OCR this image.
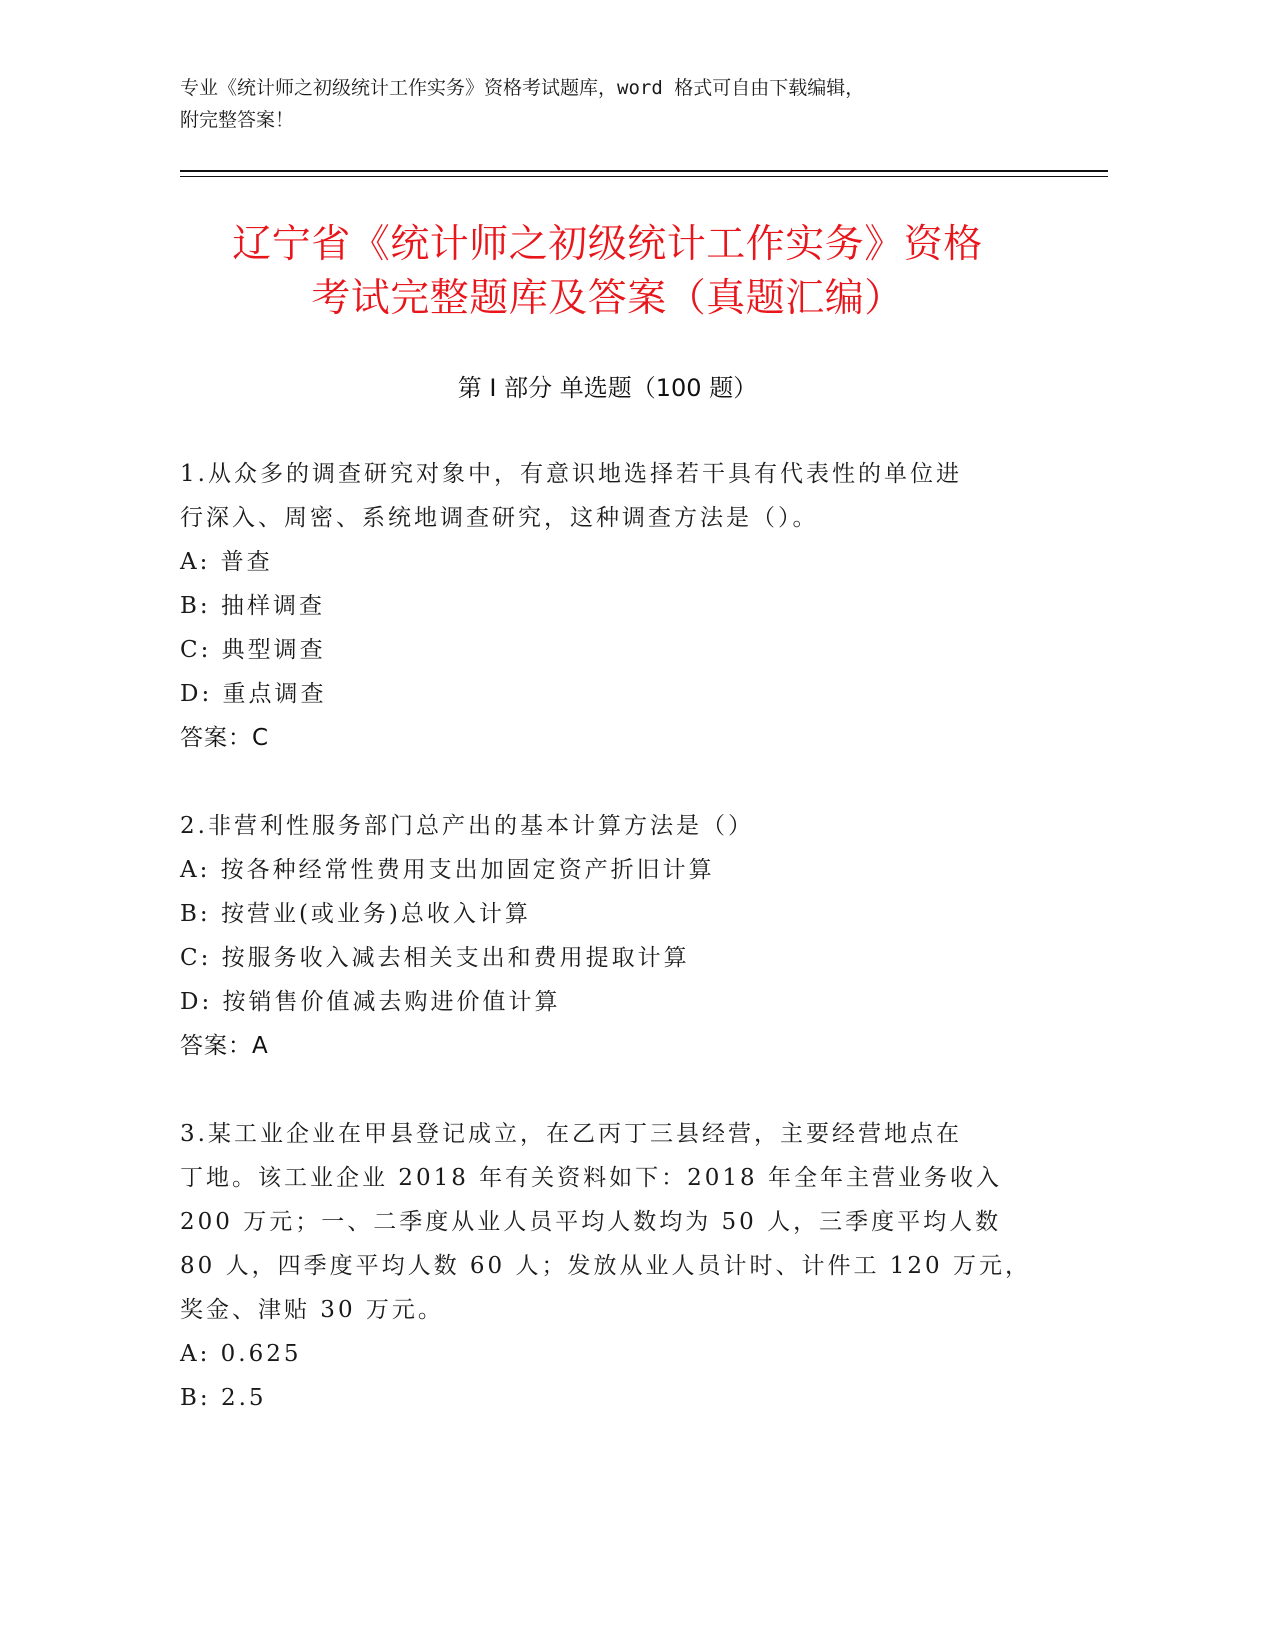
专业《统计师之初级统计工作实务》资格考试题库，word 格式可自由下载编辑，
附完整答案！
辽宁省《统计师之初级统计工作实务》资格
考试完整题库及答案（真题汇编）
第 I 部分 单选题（100 题）
1.从众多的调查研究对象中，有意识地选择若干具有代表性的单位进
行深入、周密、系统地调查研究，这种调查方法是（）。
A: 普查
B: 抽样调查
C: 典型调查
D: 重点调查
答案：C
2.非营利性服务部门总产出的基本计算方法是（）
A: 按各种经常性费用支出加固定资产折旧计算
B: 按营业(或业务)总收入计算
C: 按服务收入减去相关支出和费用提取计算
D: 按销售价值减去购进价值计算
答案：A
3.某工业企业在甲县登记成立，在乙丙丁三县经营，主要经营地点在
丁地。该工业企业 2018 年有关资料如下：2018 年全年主营业务收入
200 万元；一、二季度从业人员平均人数均为 50 人，三季度平均人数
80 人，四季度平均人数 60 人；发放从业人员计时、计件工 120 万元，
奖金、津贴 30 万元。
A: 0.625
B: 2.5
